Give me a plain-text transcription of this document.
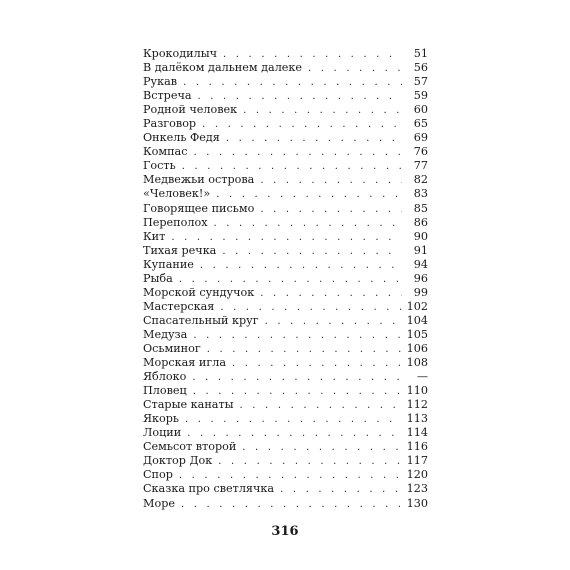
Крокодилыч . . .	51
В далёком дальнем далеке . . .	56
Рукав . . .	57
Встреча . . .	59
Родной человек . . .	60
Разговор . . .	65
Онкель Федя . . .	69
Компас . . .	76
Гость . . .	77
Медвежьи острова . . .	82
«Человек!» . . .	83
Говорящее письмо . . .	85
Переполох . . .	86
Кит . . .	90
Тихая речка . . .	91
Купание . . .	94
Рыба . . .	96
Морской сундучок . . .	99
Мастерская . . .	102
Спасательный круг . . .	104
Медуза . . .	105
Осьминог . . .	106
Морская игла . . .	108
Яблоко . . .	—
Пловец . . .	110
Старые канаты . . .	112
Якорь . . .	113
Лоции . . .	114
Семьсот второй . . .	116
Доктор Док . . .	117
Спор . . .	120
Сказка про светлячка . . .	123
Море . . .	130
316
